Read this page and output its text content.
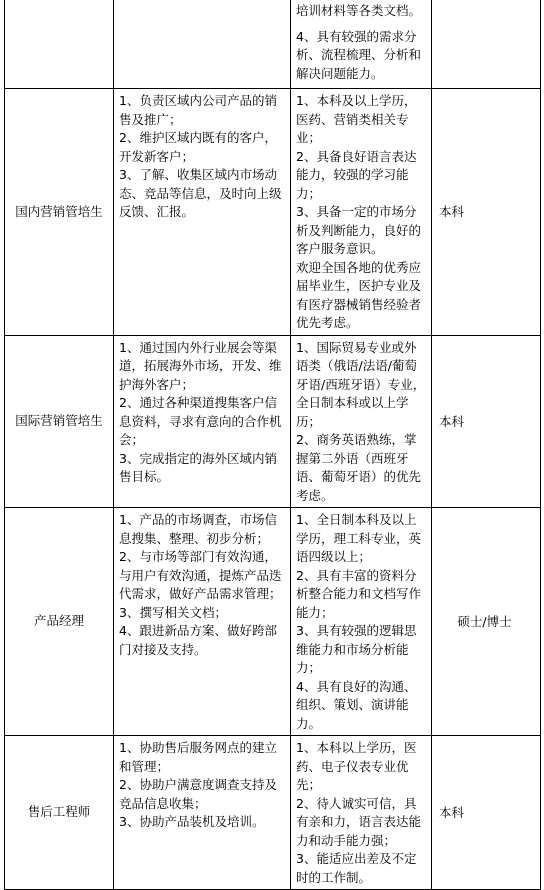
		培训材料等各类文档。
4、具有较强的需求分析、流程梳理、分析和解决问题能力。	

国内营销管培生	1、负责区域内公司产品的销售及推广；
2、维护区域内既有的客户，开发新客户；
3、了解、收集区域内市场动态、竞品等信息，及时向上级反馈、汇报。	1、本科及以上学历，医药、营销类相关专业；
2、具备良好语言表达能力，较强的学习能力；
3、具备一定的市场分析及判断能力，良好的客户服务意识。
欢迎全国各地的优秀应届毕业生，医护专业及有医疗器械销售经验者优先考虑。	本科
国际营销管培生	1、通过国内外行业展会等渠道，拓展海外市场，开发、维护海外客户；
2、通过各种渠道搜集客户信息资料，寻求有意向的合作机会；
3、完成指定的海外区域内销售目标。	1、国际贸易专业或外语类（俄语/法语/葡萄牙语/西班牙语）专业，全日制本科或以上学历；
2、商务英语熟练，掌握第二外语（西班牙语、葡萄牙语）的优先考虑。	本科
产品经理	1、产品的市场调查，市场信息搜集、整理、初步分析；
2、与市场等部门有效沟通，与用户有效沟通，提炼产品迭代需求，做好产品需求管理；
3、撰写相关文档；
4、跟进新品方案、做好跨部门对接及支持。	1、全日制本科及以上学历，理工科专业，英语四级以上；
2、具有丰富的资料分析整合能力和文档写作能力；
3、具有较强的逻辑思维能力和市场分析能力；
4、具有良好的沟通、组织、策划、演讲能力。	硕士/博士
售后工程师	1、协助售后服务网点的建立和管理；
2、协助户满意度调查支持及竞品信息收集；
3、协助产品装机及培训。	1、本科以上学历，医药、电子仪表专业优先；
2、待人诚实可信，具有亲和力，语言表达能力和动手能力强；
3、能适应出差及不定时的工作制。	本科
